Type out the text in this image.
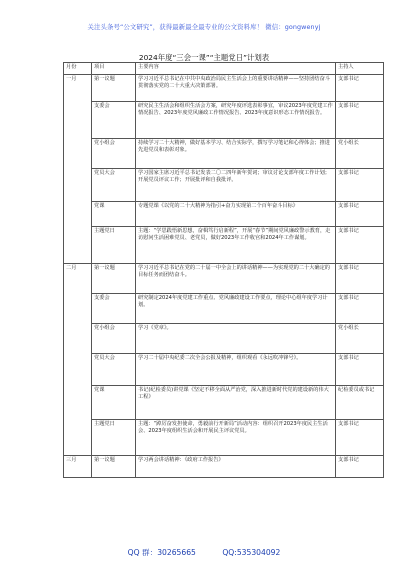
关注头条号“公文研究”，获得最新最全最专业的公文资料库！ 微信：gongwenyj
2024年度“三会一课”“主题党日”计划表
月份	项目	主要内容	主持人
一月	第一议题	学习习近平总书记在中共中央政治局民主生活会上的重要讲话精神——坚持团结奋斗贯彻落实党的二十大重大决策部署。	支部书记
	支委会	研究民主生活会和组织生活会方案，研究年度评选表彰事宜，审议2023年度党建工作情况报告、2023年度党风廉政工作情况报告、2023年度意识形态工作情况报告。	支部书记
	党小组会	持续学习二十大精神，做好基本学习、结合实际学，撰写学习笔记和心得体会；推进先进党员和表彰对象。	党小组长
	党员大会	学习国家主席习近平总书记发表二〇二四年新年贺词；审议讨论支部年度工作计划；开展党员评议工作；开展批评和自我批评。	支部书记
	党课	专题党课《以党的二十大精神为指引+奋力实现第二个百年奋斗目标》	支部书记
	主题党日	主题：“学思践悟新思想，奋楫笃行启新程”，开展“春节”期间党风廉政警示教育，走访慰问生活困难党员、老党员，做好2023年工作收官和2024年工作谋划。	支部书记
二月	第一议题	学习习近平总书记在党的二十届一中全会上的讲话精神——为实现党的二十大确定的目标任务而团结奋斗。	支部书记
	支委会	研究制定2024年度党建工作重点、党风廉政建设工作要点，理论中心组年度学习计划。	支部书记
	党小组会	学习《党章》。	党小组长
	党员大会	学习二十届中央纪委二次全会公报及精神，组织观看《永远吹冲锋号》。	支部书记
	党课	书记(纪检委员)讲党课《坚定不移全面从严治党，深入推进新时代党的建设新的伟大工程》	纪检委员或书记
	主题党日	主题：“踔厉奋发担使命，勇毅前行开新局”活动内容：组织召开2023年度民主生活会、2023年度组织生活会和开展民主评议党员。	支部书记
三月	第一议题	学习两会讲话精神：《政府工作报告》	支部书记
QQ 群：30265665	QQ:535304092
